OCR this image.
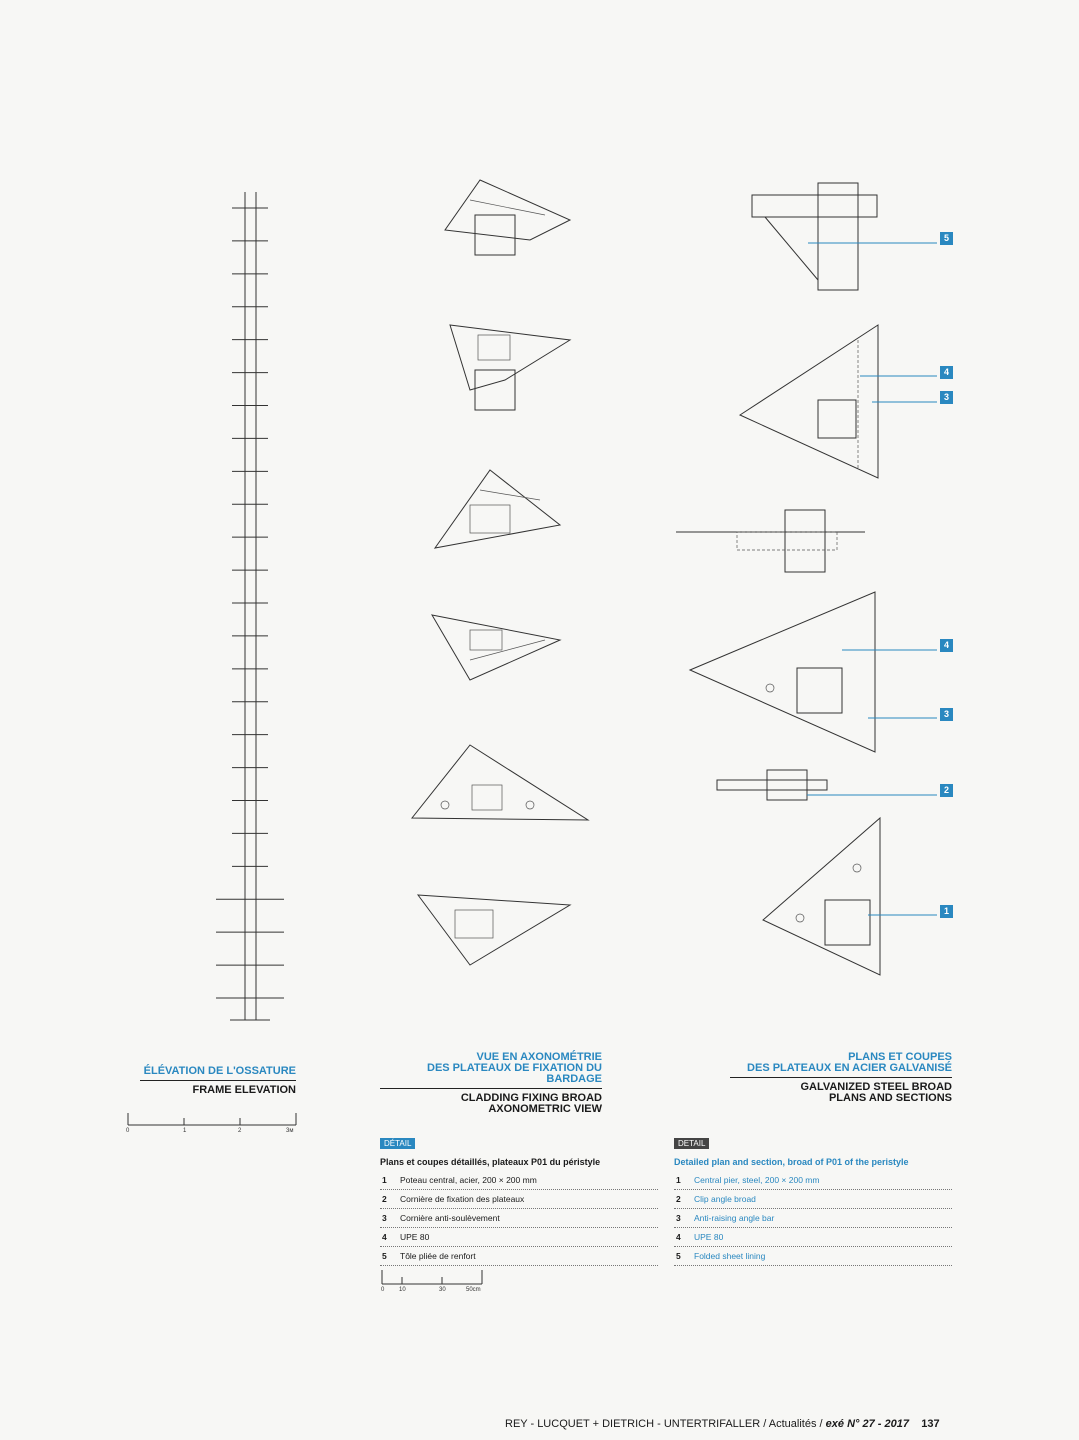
5
4
3
4
3
2
1
ÉLÉVATION DE L'OSSATURE
FRAME ELEVATION
VUE EN AXONOMÉTRIE
DES PLATEAUX DE FIXATION DU BARDAGE
CLADDING FIXING BROAD
AXONOMETRIC VIEW
PLANS ET COUPES
DES PLATEAUX EN ACIER GALVANISÉ
GALVANIZED STEEL BROAD
PLANS AND SECTIONS
0	1	2	3м
0 10	30	50cm
DÉTAIL
Plans et coupes détaillés, plateaux P01 du péristyle
1	Poteau central, acier, 200 × 200 mm
2	Cornière de fixation des plateaux
3	Cornière anti-soulèvement
4	UPE 80
5	Tôle pliée de renfort
DETAIL
Detailed plan and section, broad of P01 of the peristyle
1	Central pier, steel, 200 × 200 mm
2	Clip angle broad
3	Anti-raising angle bar
4	UPE 80
5	Folded sheet lining
REY - LUCQUET + DIETRICH - UNTERTRIFALLER / Actualités / exé N° 27 - 2017 137
